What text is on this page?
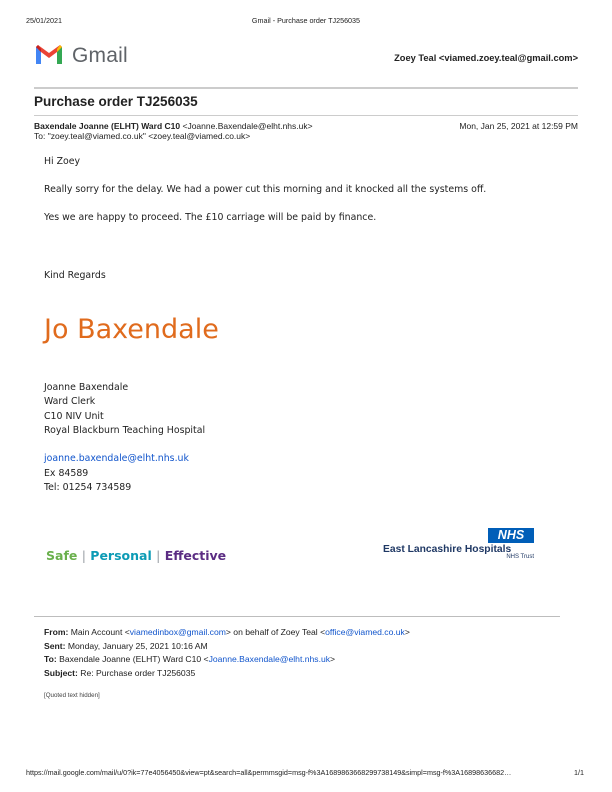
25/01/2021	Gmail - Purchase order TJ256035
Gmail	Zoey Teal <viamed.zoey.teal@gmail.com>
Purchase order TJ256035
Baxendale Joanne (ELHT) Ward C10 <Joanne.Baxendale@elht.nhs.uk>	Mon, Jan 25, 2021 at 12:59 PM
To: "zoey.teal@viamed.co.uk" <zoey.teal@viamed.co.uk>
Hi Zoey
Really sorry for the delay. We had a power cut this morning and it knocked all the systems off.
Yes we are happy to proceed. The £10 carriage will be paid by finance.
Kind Regards
Jo Baxendale
Joanne Baxendale
Ward Clerk
C10 NIV Unit
Royal Blackburn Teaching Hospital
joanne.baxendale@elht.nhs.uk
Ex 84589
Tel: 01254 734589
Safe | Personal | Effective
NHS
East Lancashire Hospitals
NHS Trust
From: Main Account <viamedinbox@gmail.com> on behalf of Zoey Teal <office@viamed.co.uk>
Sent: Monday, January 25, 2021 10:16 AM
To: Baxendale Joanne (ELHT) Ward C10 <Joanne.Baxendale@elht.nhs.uk>
Subject: Re: Purchase order TJ256035
[Quoted text hidden]
https://mail.google.com/mail/u/0?ik=77e4056450&view=pt&search=all&permmsgid=msg-f%3A1689863668299738149&simpl=msg-f%3A16898636682…	1/1
